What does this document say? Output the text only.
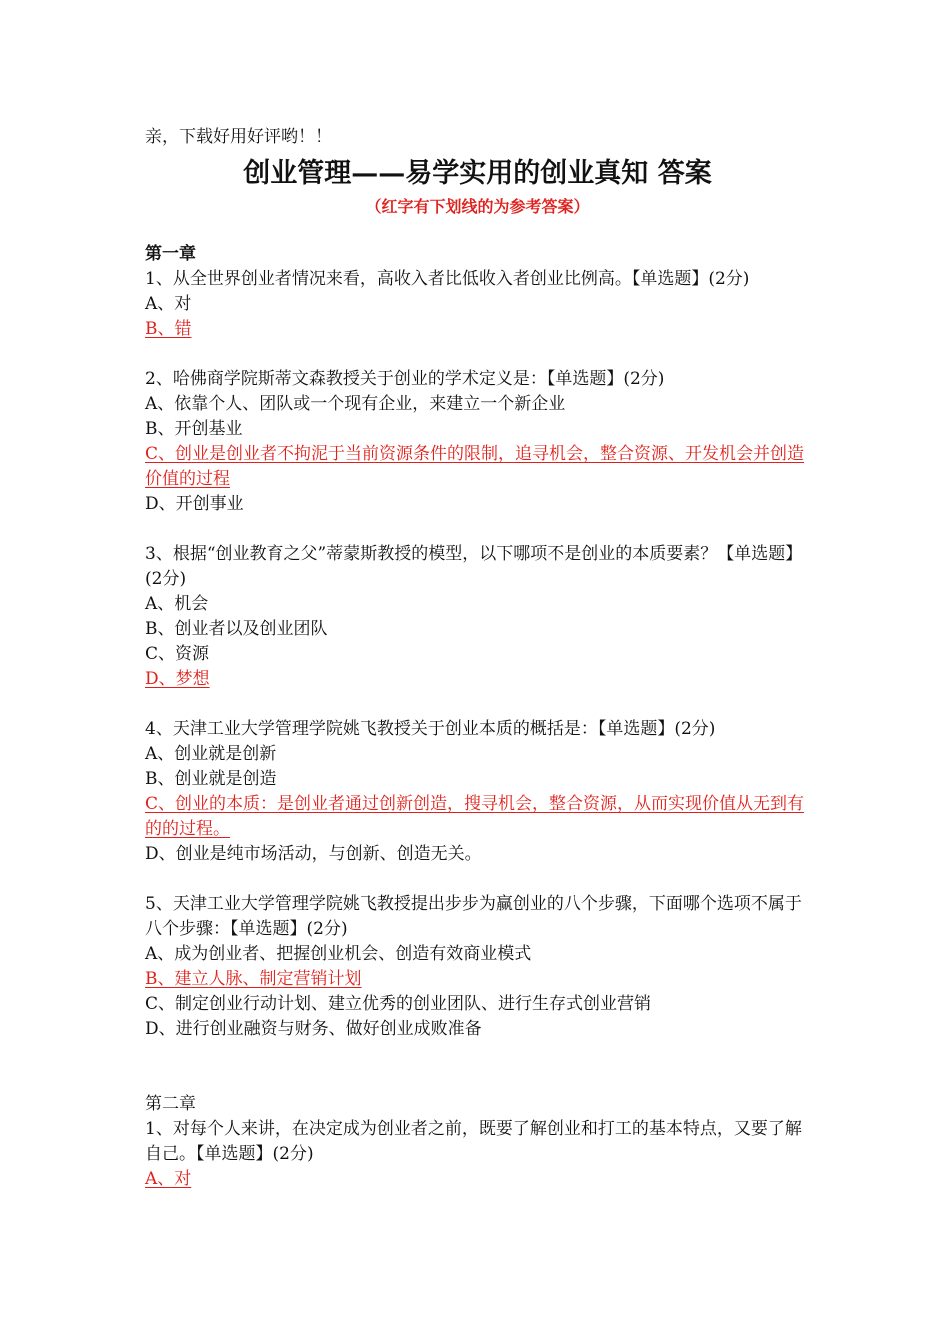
亲，下载好用好评哟！！
创业管理——易学实用的创业真知 答案
（红字有下划线的为参考答案）
第一章
1、从全世界创业者情况来看，高收入者比低收入者创业比例高。【单选题】(2分)
A、对
B、错
2、哈佛商学院斯蒂文森教授关于创业的学术定义是：【单选题】(2分)
A、依靠个人、团队或一个现有企业，来建立一个新企业
B、开创基业
C、创业是创业者不拘泥于当前资源条件的限制，追寻机会，整合资源、开发机会并创造价值的过程
D、开创事业
3、根据“创业教育之父”蒂蒙斯教授的模型，以下哪项不是创业的本质要素？【单选题】(2分)
A、机会
B、创业者以及创业团队
C、资源
D、梦想
4、天津工业大学管理学院姚飞教授关于创业本质的概括是：【单选题】(2分)
A、创业就是创新
B、创业就是创造
C、创业的本质：是创业者通过创新创造，搜寻机会，整合资源，从而实现价值从无到有的的过程。
D、创业是纯市场活动，与创新、创造无关。
5、天津工业大学管理学院姚飞教授提出步步为赢创业的八个步骤，下面哪个选项不属于八个步骤：【单选题】(2分)
A、成为创业者、把握创业机会、创造有效商业模式
B、建立人脉、制定营销计划
C、制定创业行动计划、建立优秀的创业团队、进行生存式创业营销
D、进行创业融资与财务、做好创业成败准备
第二章
1、对每个人来讲，在决定成为创业者之前，既要了解创业和打工的基本特点，又要了解自己。【单选题】(2分)
A、对
